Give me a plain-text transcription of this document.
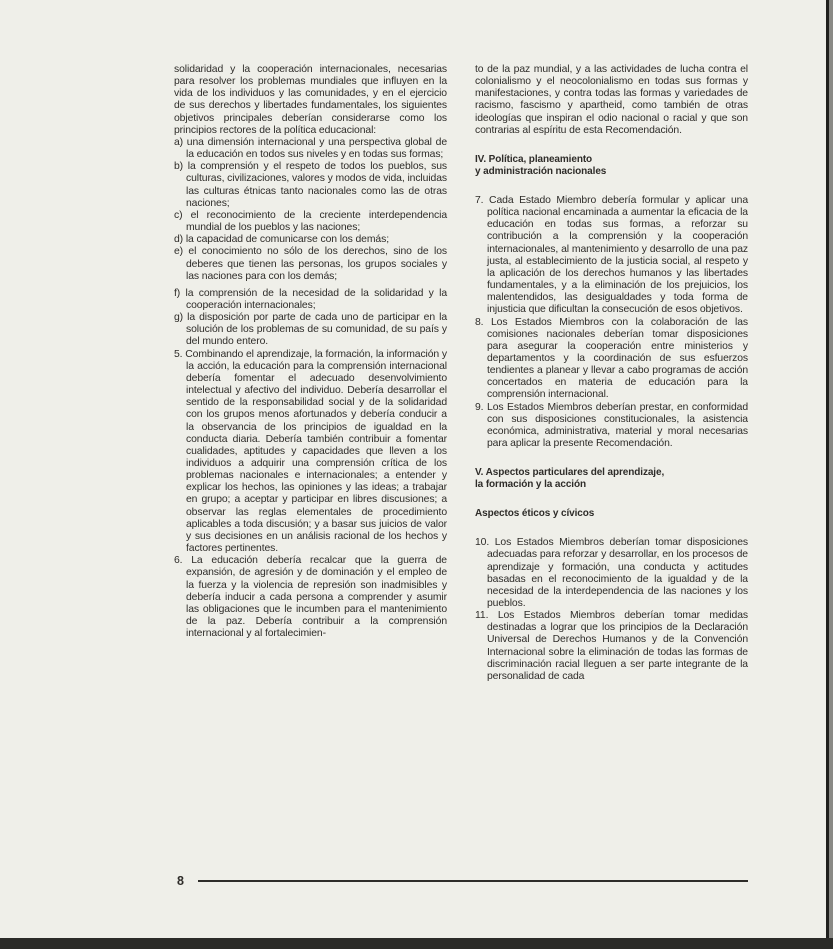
solidaridad y la cooperación internacionales, necesarias para resolver los problemas mundiales que influyen en la vida de los individuos y las comunidades, y en el ejercicio de sus derechos y libertades fundamentales, los siguientes objetivos principales deberían considerarse como los principios rectores de la política educacional:

a) una dimensión internacional y una perspectiva global de la educación en todos sus niveles y en todas sus formas;

b) la comprensión y el respeto de todos los pueblos, sus culturas, civilizaciones, valores y modos de vida, incluidas las culturas étnicas tanto nacionales como las de otras naciones;

c) el reconocimiento de la creciente interdependencia mundial de los pueblos y las naciones;

d) la capacidad de comunicarse con los demás;

e) el conocimiento no sólo de los derechos, sino de los deberes que tienen las personas, los grupos sociales y las naciones para con los demás;

f) la comprensión de la necesidad de la solidaridad y la cooperación internacionales;

g) la disposición por parte de cada uno de participar en la solución de los problemas de su comunidad, de su país y del mundo entero.

5. Combinando el aprendizaje, la formación, la información y la acción, la educación para la comprensión internacional debería fomentar el adecuado desenvolvimiento intelectual y afectivo del individuo. Debería desarrollar el sentido de la responsabilidad social y de la solidaridad con los grupos menos afortunados y debería conducir a la observancia de los principios de igualdad en la conducta diaria. Debería también contribuir a fomentar cualidades, aptitudes y capacidades que lleven a los individuos a adquirir una comprensión crítica de los problemas nacionales e internacionales; a entender y explicar los hechos, las opiniones y las ideas; a trabajar en grupo; a aceptar y participar en libres discusiones; a observar las reglas elementales de procedimiento aplicables a toda discusión; y a basar sus juicios de valor y sus decisiones en un análisis racional de los hechos y factores pertinentes.

6. La educación debería recalcar que la guerra de expansión, de agresión y de dominación y el empleo de la fuerza y la violencia de represión son inadmisibles y debería inducir a cada persona a comprender y asumir las obligaciones que le incumben para el mantenimiento de la paz. Debería contribuir a la comprensión internacional y al fortalecimien-

to de la paz mundial, y a las actividades de lucha contra el colonialismo y el neocolonialismo en todas sus formas y manifestaciones, y contra todas las formas y variedades de racismo, fascismo y apartheid, como también de otras ideologías que inspiran el odio nacional o racial y que son contrarias al espíritu de esta Recomendación.

IV. Política, planeamiento
y administración nacionales

7. Cada Estado Miembro debería formular y aplicar una política nacional encaminada a aumentar la eficacia de la educación en todas sus formas, a reforzar su contribución a la comprensión y la cooperación internacionales, al mantenimiento y desarrollo de una paz justa, al establecimiento de la justicia social, al respeto y la aplicación de los derechos humanos y las libertades fundamentales, y a la eliminación de los prejuicios, los malentendidos, las desigualdades y toda forma de injusticia que dificultan la consecución de esos objetivos.

8. Los Estados Miembros con la colaboración de las comisiones nacionales deberían tomar disposiciones para asegurar la cooperación entre ministerios y departamentos y la coordinación de sus esfuerzos tendientes a planear y llevar a cabo programas de acción concertados en materia de educación para la comprensión internacional.

9. Los Estados Miembros deberían prestar, en conformidad con sus disposiciones constitucionales, la asistencia económica, administrativa, material y moral necesarias para aplicar la presente Recomendación.

V. Aspectos particulares del aprendizaje,
la formación y la acción

Aspectos éticos y cívicos

10. Los Estados Miembros deberían tomar disposiciones adecuadas para reforzar y desarrollar, en los procesos de aprendizaje y formación, una conducta y actitudes basadas en el reconocimiento de la igualdad y de la necesidad de la interdependencia de las naciones y los pueblos.

11. Los Estados Miembros deberían tomar medidas destinadas a lograr que los principios de la Declaración Universal de Derechos Humanos y de la Convención Internacional sobre la eliminación de todas las formas de discriminación racial lleguen a ser parte integrante de la personalidad de cada

8
